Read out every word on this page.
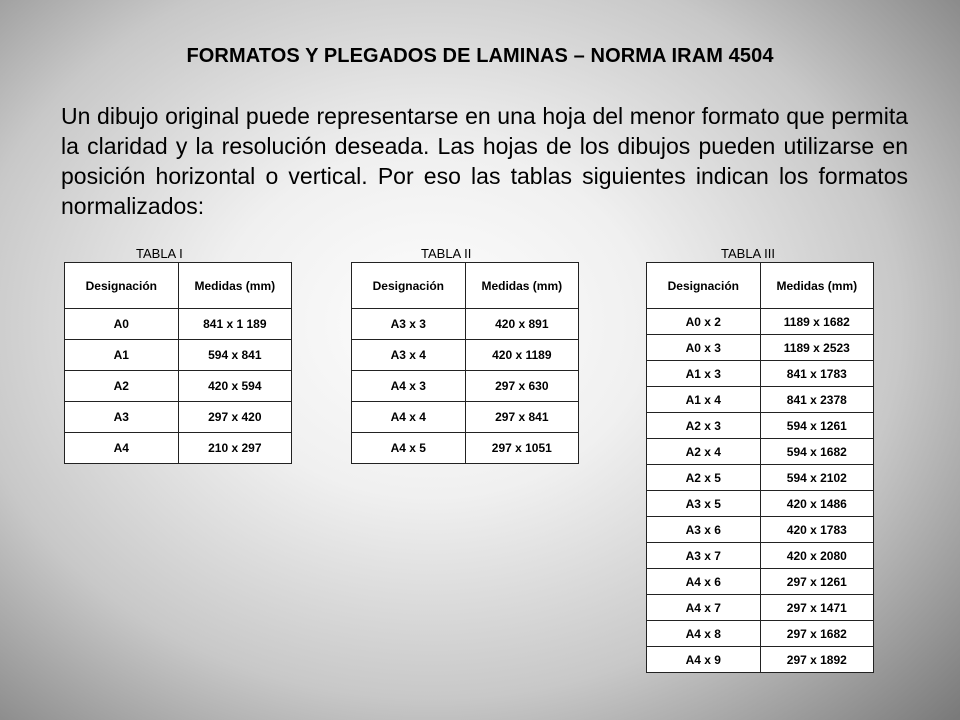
FORMATOS Y PLEGADOS DE LAMINAS – NORMA IRAM 4504
Un dibujo original puede representarse en una hoja del menor formato que permita la claridad y la resolución deseada. Las hojas de los dibujos pueden utilizarse en posición horizontal o vertical. Por eso las tablas siguientes indican los formatos normalizados:
TABLA I	TABLA II	TABLA III
Designación	Medidas (mm)
A0	841 x 1 189
A1	594 x 841
A2	420 x 594
A3	297 x 420
A4	210 x 297
Designación	Medidas (mm)
A3 x 3	420 x 891
A3 x 4	420 x 1189
A4 x 3	297 x 630
A4 x 4	297 x 841
A4 x 5	297 x 1051
Designación	Medidas (mm)
A0 x 2	1189 x 1682
A0 x 3	1189 x 2523
A1 x 3	841 x 1783
A1 x 4	841 x 2378
A2 x 3	594 x 1261
A2 x 4	594 x 1682
A2 x 5	594 x 2102
A3 x 5	420 x 1486
A3 x 6	420 x 1783
A3 x 7	420 x 2080
A4 x 6	297 x 1261
A4 x 7	297 x 1471
A4 x 8	297 x 1682
A4 x 9	297 x 1892
